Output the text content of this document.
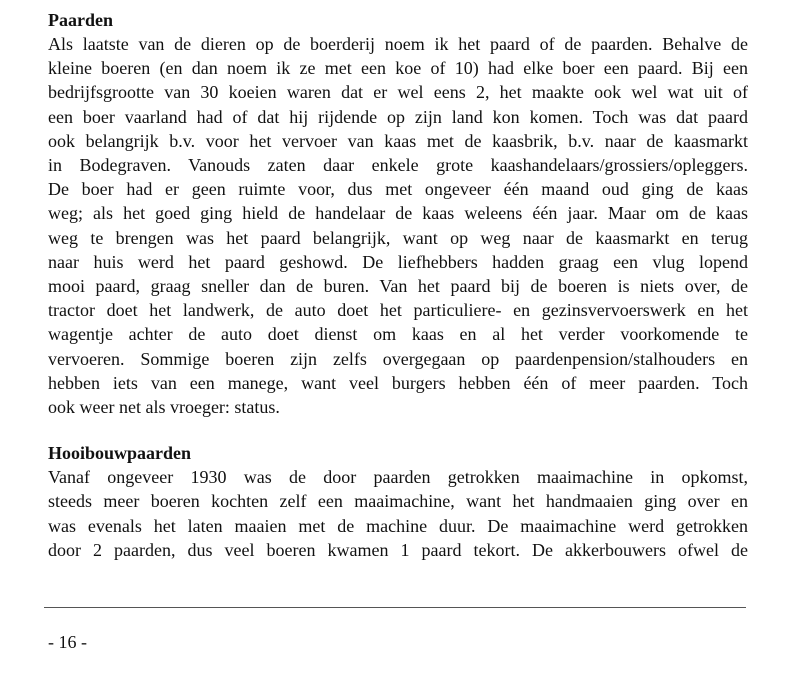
Paarden

Als laatste van de dieren op de boerderij noem ik het paard of de paarden. Behalve de
kleine boeren (en dan noem ik ze met een koe of 10) had elke boer een paard. Bij een
bedrijfsgrootte van 30 koeien waren dat er wel eens 2, het maakte ook wel wat uit of
een boer vaarland had of dat hij rijdende op zijn land kon komen. Toch was dat paard
ook belangrijk b.v. voor het vervoer van kaas met de kaasbrik, b.v. naar de kaasmarkt
in Bodegraven. Vanouds zaten daar enkele grote kaashandelaars/grossiers/opleggers.
De boer had er geen ruimte voor, dus met ongeveer één maand oud ging de kaas
weg; als het goed ging hield de handelaar de kaas weleens één jaar. Maar om de kaas
weg te brengen was het paard belangrijk, want op weg naar de kaasmarkt en terug
naar huis werd het paard geshowd. De liefhebbers hadden graag een vlug lopend
mooi paard, graag sneller dan de buren. Van het paard bij de boeren is niets over, de
tractor doet het landwerk, de auto doet het particuliere- en gezinsvervoerswerk en het
wagentje achter de auto doet dienst om kaas en al het verder voorkomende te
vervoeren. Sommige boeren zijn zelfs overgegaan op paardenpension/stalhouders en
hebben iets van een manege, want veel burgers hebben één of meer paarden. Toch
ook weer net als vroeger: status.

Hooibouwpaarden

Vanaf ongeveer 1930 was de door paarden getrokken maaimachine in opkomst,
steeds meer boeren kochten zelf een maaimachine, want het handmaaien ging over en
was evenals het laten maaien met de machine duur. De maaimachine werd getrokken
door 2 paarden, dus veel boeren kwamen 1 paard tekort. De akkerbouwers ofwel de

- 16 -
